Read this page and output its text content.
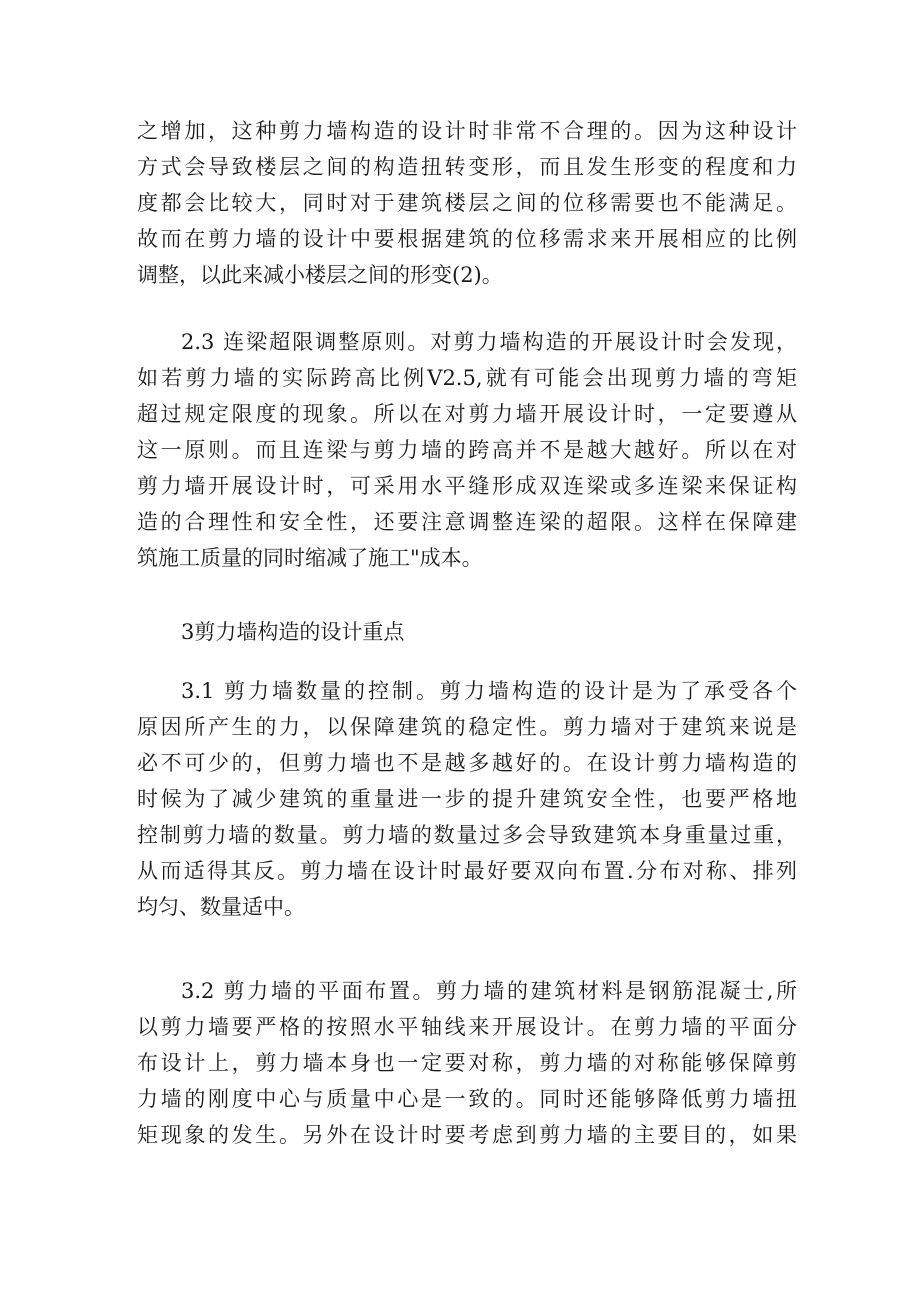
之增加，这种剪力墙构造的设计时非常不合理的。因为这种设计
方式会导致楼层之间的构造扭转变形，而且发生形变的程度和力
度都会比较大，同时对于建筑楼层之间的位移需要也不能满足。
故而在剪力墙的设计中要根据建筑的位移需求来开展相应的比例
调整，以此来减小楼层之间的形变(2)。
2.3 连梁超限调整原则。对剪力墙构造的开展设计时会发现，
如若剪力墙的实际跨高比例V2.5,就有可能会出现剪力墙的弯矩
超过规定限度的现象。所以在对剪力墙开展设计时，一定要遵从
这一原则。而且连梁与剪力墙的跨高并不是越大越好。所以在对
剪力墙开展设计时，可采用水平缝形成双连梁或多连梁来保证构
造的合理性和安全性，还要注意调整连梁的超限。这样在保障建
筑施工质量的同时缩减了施工"成本。
3剪力墙构造的设计重点
3.1 剪力墙数量的控制。剪力墙构造的设计是为了承受各个
原因所产生的力，以保障建筑的稳定性。剪力墙对于建筑来说是
必不可少的，但剪力墙也不是越多越好的。在设计剪力墙构造的
时候为了减少建筑的重量进一步的提升建筑安全性，也要严格地
控制剪力墙的数量。剪力墙的数量过多会导致建筑本身重量过重，
从而适得其反。剪力墙在设计时最好要双向布置.分布对称、排列
均匀、数量适中。
3.2 剪力墙的平面布置。剪力墙的建筑材料是钢筋混凝士,所
以剪力墙要严格的按照水平轴线来开展设计。在剪力墙的平面分
布设计上，剪力墙本身也一定要对称，剪力墙的对称能够保障剪
力墙的刚度中心与质量中心是一致的。同时还能够降低剪力墙扭
矩现象的发生。另外在设计时要考虑到剪力墙的主要目的，如果
